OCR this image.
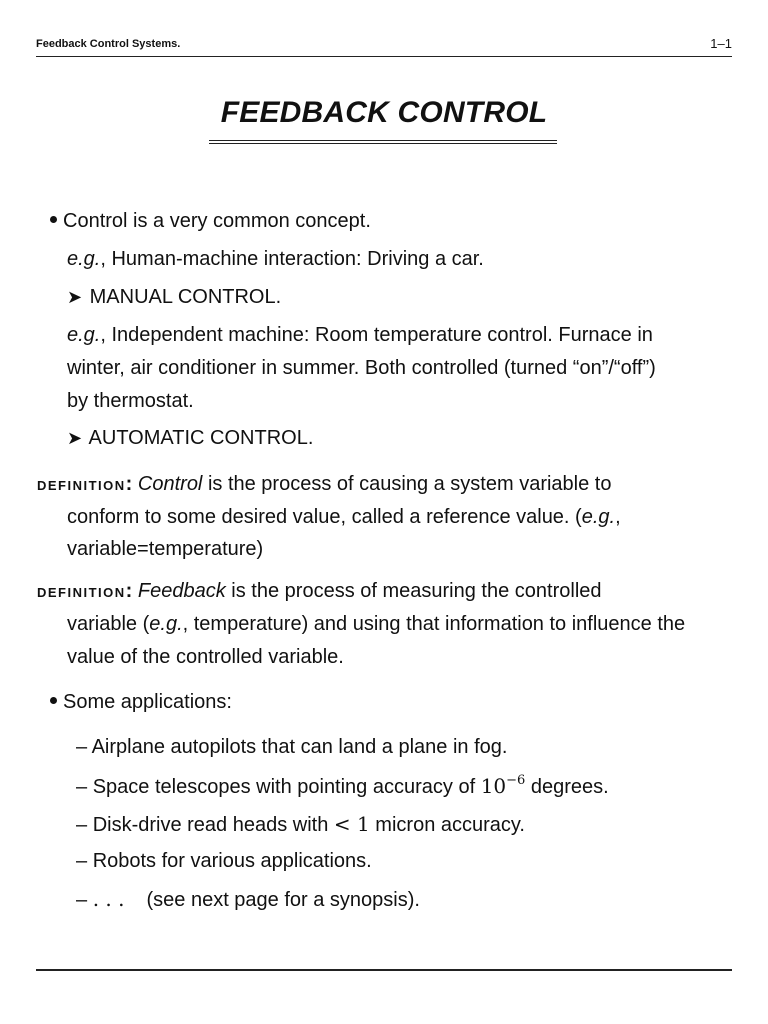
Feedback Control Systems.	1–1
FEEDBACK CONTROL
Control is a very common concept.
e.g., Human-machine interaction: Driving a car.
➤ MANUAL CONTROL.
e.g., Independent machine: Room temperature control. Furnace in
winter, air conditioner in summer. Both controlled (turned “on”/“off”)
by thermostat.
➤ AUTOMATIC CONTROL.
DEFINITION: Control is the process of causing a system variable to
conform to some desired value, called a reference value. (e.g.,
variable=temperature)
DEFINITION: Feedback is the process of measuring the controlled
variable (e.g., temperature) and using that information to influence the
value of the controlled variable.
Some applications:
– Airplane autopilots that can land a plane in fog.
– Space telescopes with pointing accuracy of $10^{-6}$ degrees.
– Disk-drive read heads with < 1 micron accuracy.
– Robots for various applications.
– . . . (see next page for a synopsis).
